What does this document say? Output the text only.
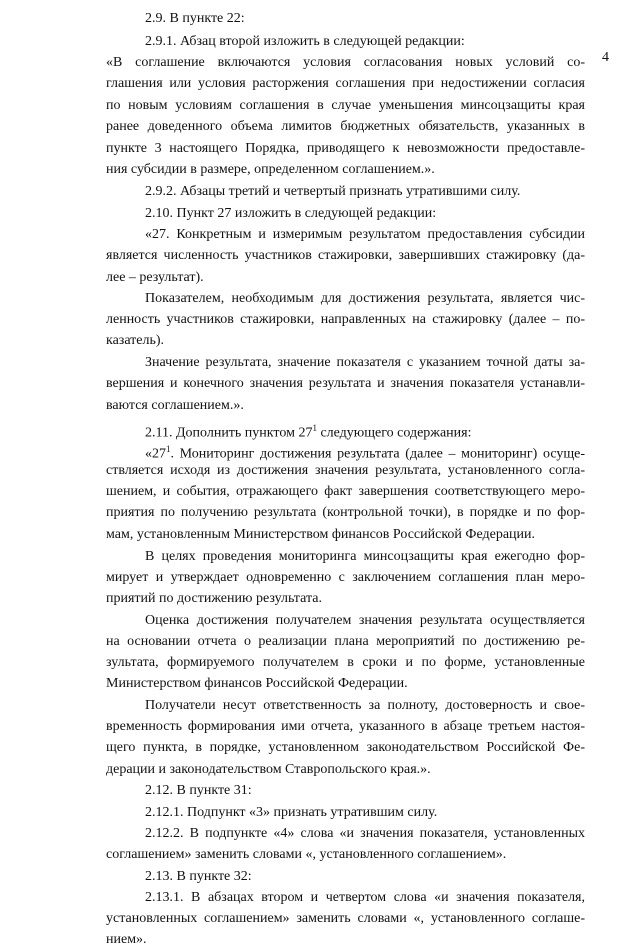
4
2.9. В пункте 22:
2.9.1. Абзац второй изложить в следующей редакции:
«В соглашение включаются условия согласования новых условий со-
глашения или условия расторжения соглашения при недостижении согласия
по новым условиям соглашения в случае уменьшения минсоцзащиты края
ранее доведенного объема лимитов бюджетных обязательств, указанных в
пункте 3 настоящего Порядка, приводящего к невозможности предоставле-
ния субсидии в размере, определенном соглашением.».
2.9.2. Абзацы третий и четвертый признать утратившими силу.
2.10. Пункт 27 изложить в следующей редакции:
«27. Конкретным и измеримым результатом предоставления субсидии
является численность участников стажировки, завершивших стажировку (да-
лее – результат).
Показателем, необходимым для достижения результата, является чис-
ленность участников стажировки, направленных на стажировку (далее – по-
казатель).
Значение результата, значение показателя с указанием точной даты за-
вершения и конечного значения результата и значения показателя устанавли-
ваются соглашением.».
2.11. Дополнить пунктом $27^1$ следующего содержания:
«$27^1$. Мониторинг достижения результата (далее – мониторинг) осуще-
ствляется исходя из достижения значения результата, установленного согла-
шением, и события, отражающего факт завершения соответствующего меро-
приятия по получению результата (контрольной точки), в порядке и по фор-
мам, установленным Министерством финансов Российской Федерации.
В целях проведения мониторинга минсоцзащиты края ежегодно фор-
мирует и утверждает одновременно с заключением соглашения план меро-
приятий по достижению результата.
Оценка достижения получателем значения результата осуществляется
на основании отчета о реализации плана мероприятий по достижению ре-
зультата, формируемого получателем в сроки и по форме, установленные
Министерством финансов Российской Федерации.
Получатели несут ответственность за полноту, достоверность и свое-
временность формирования ими отчета, указанного в абзаце третьем настоя-
щего пункта, в порядке, установленном законодательством Российской Фе-
дерации и законодательством Ставропольского края.».
2.12. В пункте 31:
2.12.1. Подпункт «3» признать утратившим силу.
2.12.2. В подпункте «4» слова «и значения показателя, установленных
соглашением» заменить словами «, установленного соглашением».
2.13. В пункте 32:
2.13.1. В абзацах втором и четвертом слова «и значения показателя,
установленных соглашением» заменить словами «, установленного соглаше-
нием».
